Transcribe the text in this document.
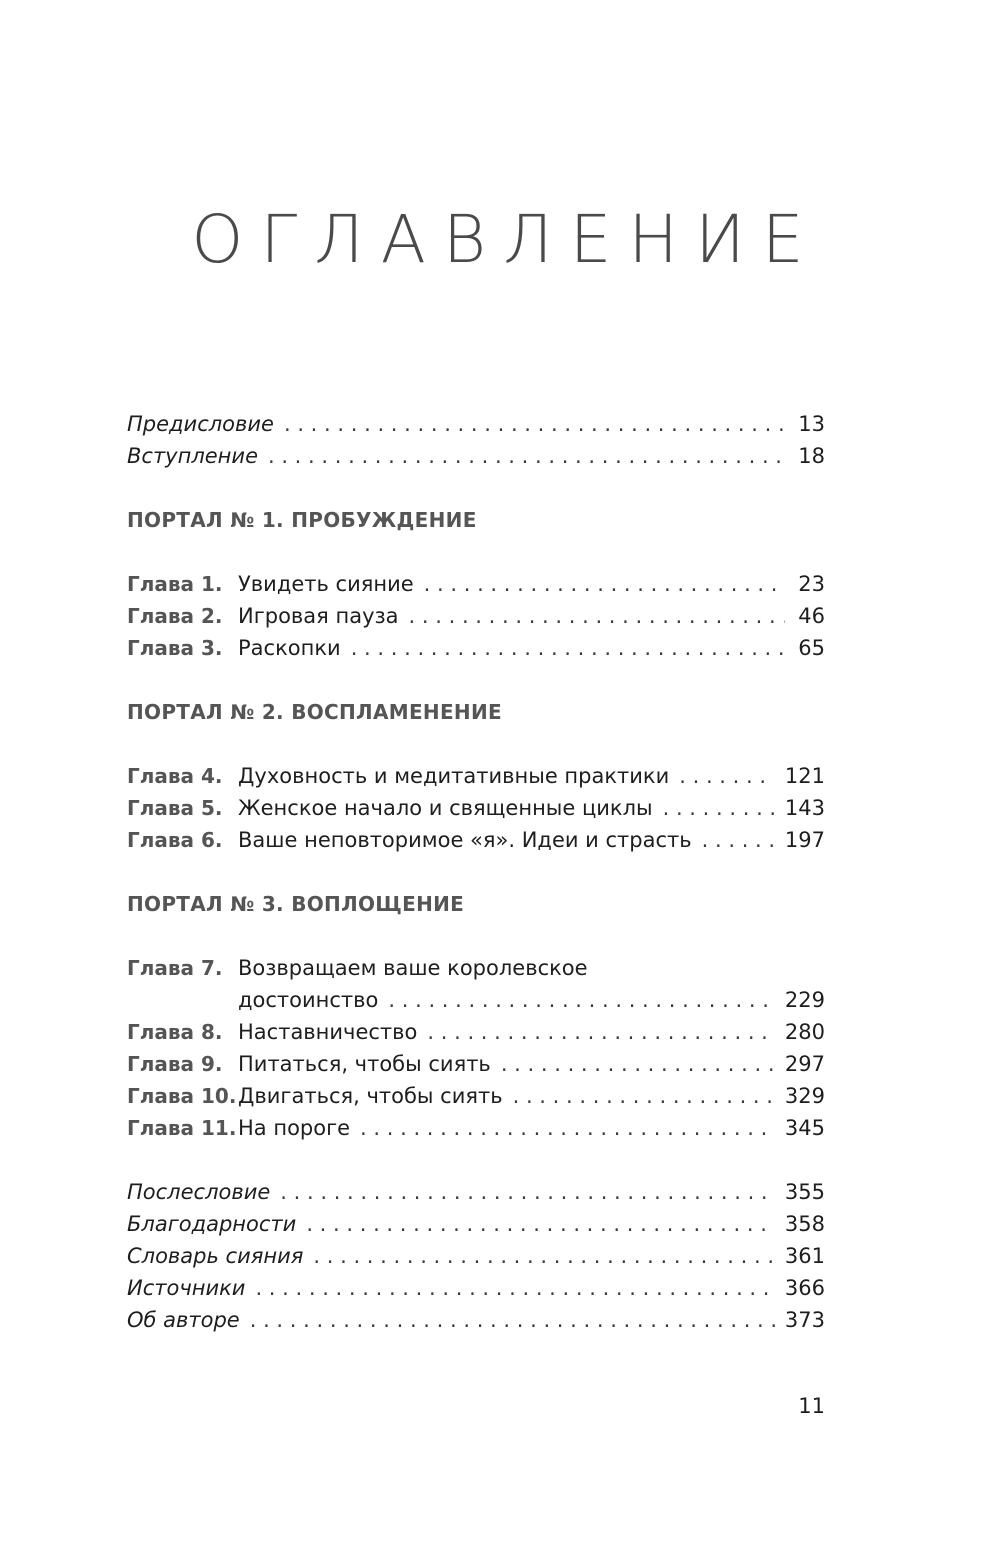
ОГЛАВЛЕНИЕ
Предисловие . . .	13
Вступление . . .	18
ПОРТАЛ № 1. ПРОБУЖДЕНИЕ
Глава 1. Увидеть сияние . . .	23
Глава 2. Игровая пауза . . .	46
Глава 3. Раскопки . . .	65
ПОРТАЛ № 2. ВОСПЛАМЕНЕНИЕ
Глава 4. Духовность и медитативные практики . . .	121
Глава 5. Женское начало и священные циклы . . .	143
Глава 6. Ваше неповторимое «я». Идеи и страсть . . .	197
ПОРТАЛ № 3. ВОПЛОЩЕНИЕ
Глава 7. Возвращаем ваше королевское
достоинство . . .	229
Глава 8. Наставничество . . .	280
Глава 9. Питаться, чтобы сиять . . .	297
Глава 10. Двигаться, чтобы сиять . . .	329
Глава 11. На пороге . . .	345
Послесловие . . .	355
Благодарности . . .	358
Словарь сияния . . .	361
Источники . . .	366
Об авторе . . .	373
11
